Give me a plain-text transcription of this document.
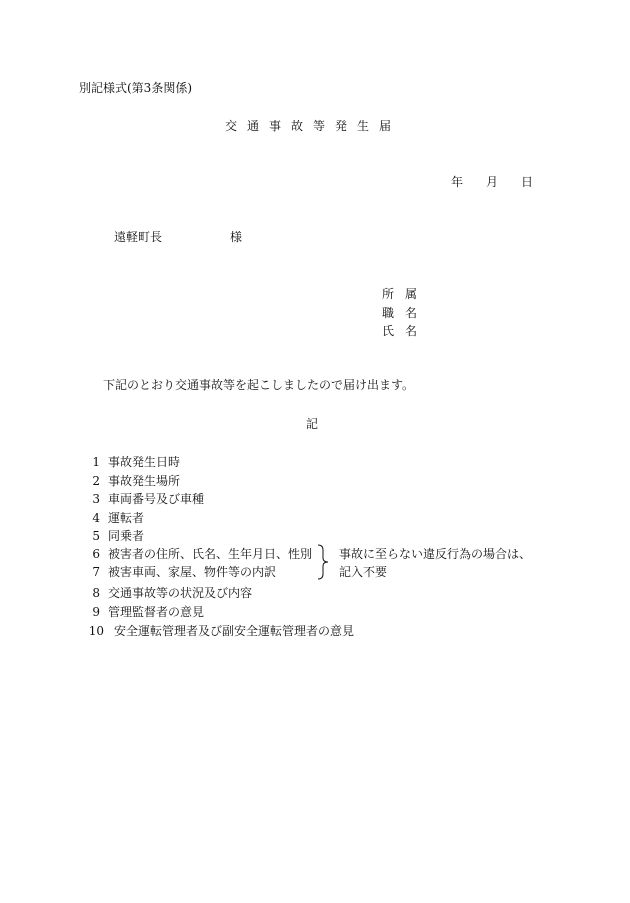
別記様式(第3条関係)
交通事故等発生届
年 月 日
遠軽町長	様
所属
職名
氏名
下記のとおり交通事故等を起こしましたので届け出ます。
記
1 事故発生日時
2 事故発生場所
3 車両番号及び車種
4 運転者
5 同乗者
6 被害者の住所、氏名、生年月日、性別
7 被害車両、家屋、物件等の内訳
8 交通事故等の状況及び内容
9 管理監督者の意見
10 安全運転管理者及び副安全運転管理者の意見
事故に至らない違反行為の場合は、
記入不要
